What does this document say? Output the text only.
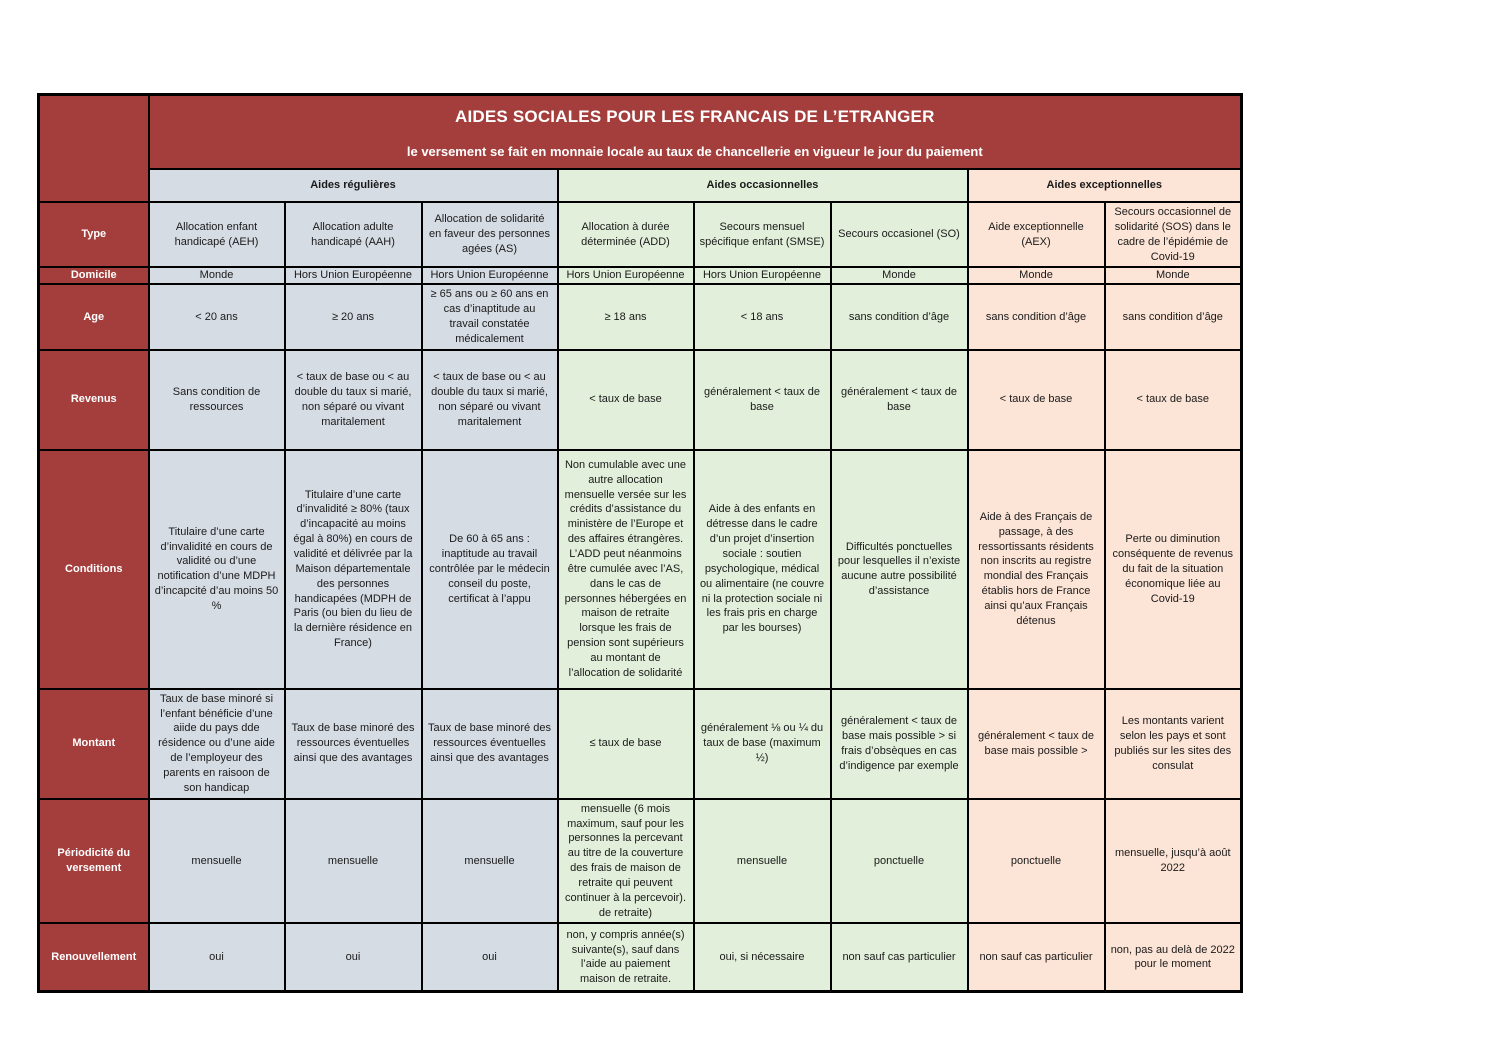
	AIDES SOCIALES POUR LES FRANCAIS DE L’ETRANGER
le versement se fait en monnaie locale au taux de chancellerie en vigueur le jour du paiement							

	Aides régulières			Aides occasionnelles			Aides exceptionnelles	
Type	Allocation enfant handicapé (AEH)	Allocation adulte handicapé (AAH)	Allocation de solidarité en faveur des personnes agées (AS)	Allocation à durée déterminée (ADD)	Secours mensuel spécifique enfant (SMSE)	Secours occasionel (SO)	Aide exceptionnelle (AEX)	Secours occasionnel de solidarité (SOS) dans le cadre de l’épidémie de Covid-19
Domicile	Monde	Hors Union Européenne	Hors Union Européenne	Hors Union Européenne	Hors Union Européenne	Monde	Monde	Monde
Age	< 20 ans	≥ 20 ans	≥ 65 ans ou ≥ 60 ans en cas d’inaptitude au travail constatée médicalement	≥ 18 ans	< 18 ans	sans condition d’âge	sans condition d’âge	sans condition d’âge
Revenus	Sans condition de ressources	< taux de base ou < au double du taux si marié, non séparé ou vivant maritalement	< taux de base ou < au double du taux si marié, non séparé ou vivant maritalement	< taux de base	généralement < taux de base	généralement < taux de base	< taux de base	< taux de base
Conditions	Titulaire d’une carte d’invalidité en cours de validité ou d’une notification d’une MDPH d’incapcité d’au moins 50 %	Titulaire d’une carte d’invalidité ≥ 80% (taux d’incapacité au moins égal à 80%) en cours de validité et délivrée par la Maison départementale des personnes handicapées (MDPH de Paris (ou bien du lieu de la dernière résidence en France)	De 60 à 65 ans : inaptitude au travail contrôlée par le médecin conseil du poste, certificat à l’appu	Non cumulable avec une autre allocation mensuelle versée sur les crédits d’assistance du ministère de l’Europe et des affaires étrangères. L’ADD peut néanmoins être cumulée avec l’AS, dans le cas de personnes hébergées en maison de retraite lorsque les frais de pension sont supérieurs au montant de l’allocation de solidarité	Aide à des enfants en détresse dans le cadre d’un projet d’insertion sociale : soutien psychologique, médical ou alimentaire (ne couvre ni la protection sociale ni les frais pris en charge par les bourses)	Difficultés ponctuelles pour lesquelles il n’existe aucune autre possibilité d’assistance	Aide à des Français de passage, à des ressortissants résidents non inscrits au registre mondial des Français établis hors de France ainsi qu’aux Français détenus	Perte ou diminution conséquente de revenus du fait de la situation économique liée au Covid-19
Montant	Taux de base minoré si l’enfant bénéficie d’une aiide du pays dde résidence ou d’une aide de l’employeur des parents en raisoon de son handicap	Taux de base minoré des ressources éventuelles ainsi que des avantages	Taux de base minoré des ressources éventuelles ainsi que des avantages	≤ taux de base	généralement ⅛ ou ¼ du taux de base (maximum ½)	généralement < taux de base mais possible > si frais d’obsèques en cas d’indigence par exemple	généralement < taux de base mais possible >	Les montants varient selon les pays et sont publiés sur les sites des consulat
Périodicité du versement	mensuelle	mensuelle	mensuelle	mensuelle (6 mois maximum, sauf pour les personnes la percevant au titre de la couverture des frais de maison de retraite qui peuvent continuer à la percevoir). de retraite)	mensuelle	ponctuelle	ponctuelle	mensuelle, jusqu’à août 2022
Renouvellement	oui	oui	oui	non, y compris année(s) suivante(s), sauf dans l’aide au paiement maison de retraite.	oui, si nécessaire	non sauf cas particulier	non sauf cas particulier	non, pas au delà de 2022 pour le moment
